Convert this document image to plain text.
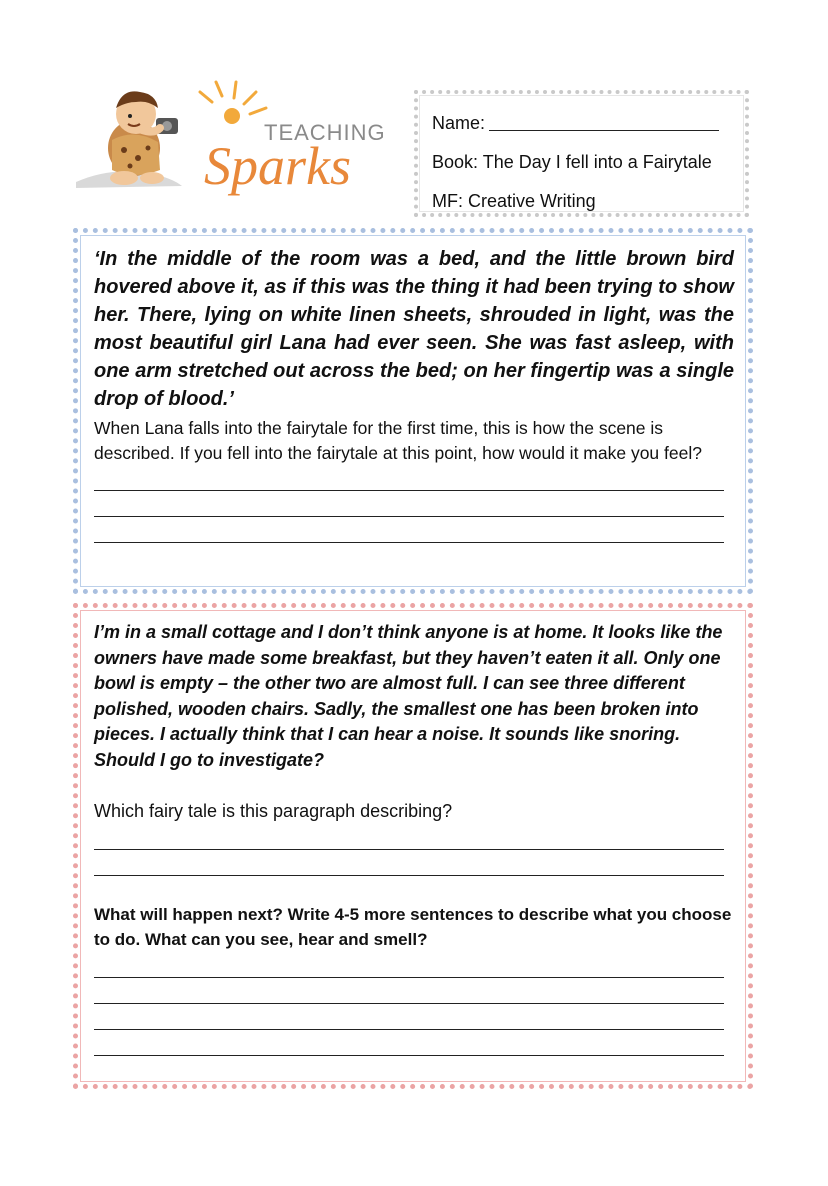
TEACHING
Sparks
Name:
Book: The Day I fell into a Fairytale
MF: Creative Writing

‘In the middle of the room was a bed, and the little brown bird hovered above it, as if this was the thing it had been trying to show her. There, lying on white linen sheets, shrouded in light, was the most beautiful girl Lana had ever seen. She was fast asleep, with one arm stretched out across the bed; on her fingertip was a single drop of blood.’

When Lana falls into the fairytale for the first time, this is how the scene is described. If you fell into the fairytale at this point, how would it make you feel?

I’m in a small cottage and I don’t think anyone is at home. It looks like the owners have made some breakfast, but they haven’t eaten it all. Only one bowl is empty – the other two are almost full. I can see three different polished, wooden chairs. Sadly, the smallest one has been broken into pieces. I actually think that I can hear a noise. It sounds like snoring. Should I go to investigate?

Which fairy tale is this paragraph describing?

What will happen next? Write 4-5 more sentences to describe what you choose to do. What can you see, hear and smell?
